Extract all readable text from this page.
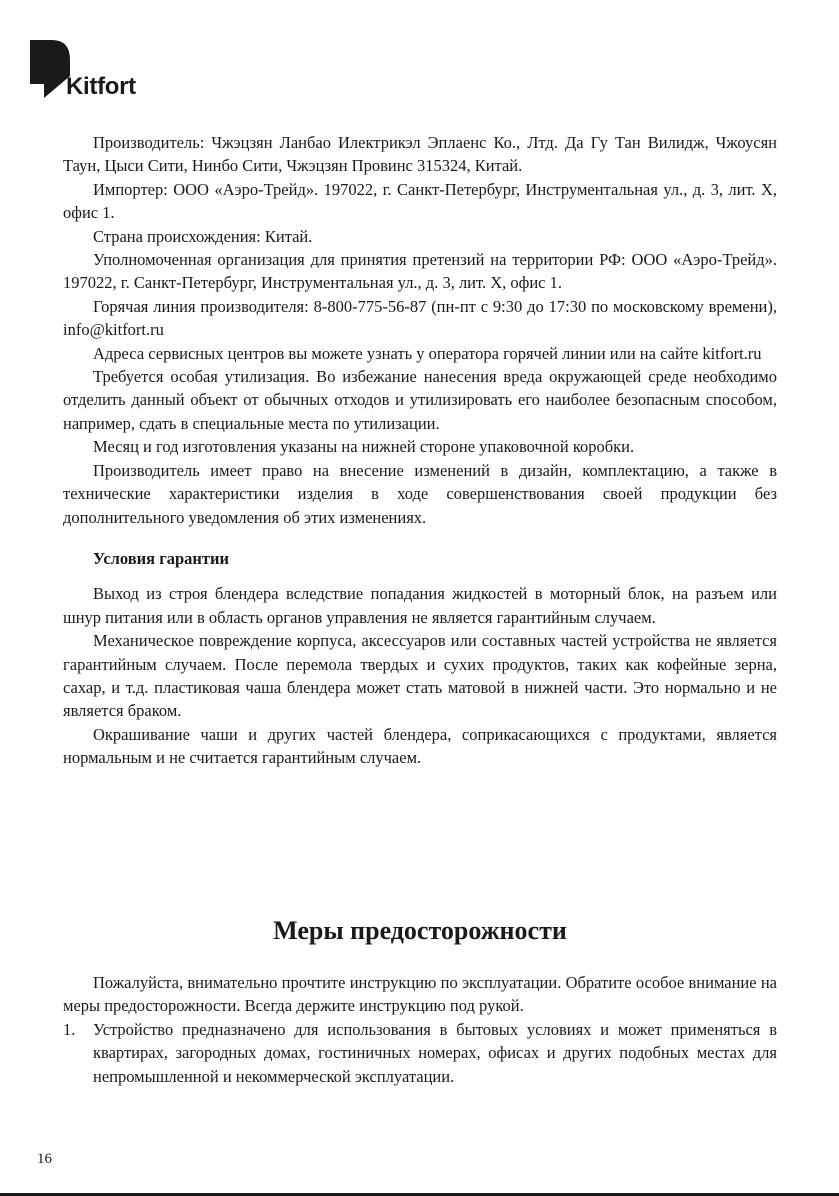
Kitfort

Производитель: Чжэцзян Ланбао Илектрикэл Эплаенс Ко., Лтд. Да Гу Тан Вилидж, Чжоусян Таун, Цыси Сити, Нинбо Сити, Чжэцзян Провинс 315324, Китай.

Импортер: ООО «Аэро-Трейд». 197022, г. Санкт-Петербург, Инструментальная ул., д. 3, лит. Х, офис 1.

Страна происхождения: Китай.

Уполномоченная организация для принятия претензий на территории РФ: ООО «Аэро-Трейд». 197022, г. Санкт-Петербург, Инструментальная ул., д. 3, лит. Х, офис 1.

Горячая линия производителя: 8-800-775-56-87 (пн-пт с 9:30 до 17:30 по московскому времени), info@kitfort.ru

Адреса сервисных центров вы можете узнать у оператора горячей линии или на сайте kitfort.ru

Требуется особая утилизация. Во избежание нанесения вреда окружающей среде необходимо отделить данный объект от обычных отходов и утилизировать его наиболее безопасным способом, например, сдать в специальные места по утилизации.

Месяц и год изготовления указаны на нижней стороне упаковочной коробки.

Производитель имеет право на внесение изменений в дизайн, комплектацию, а также в технические характеристики изделия в ходе совершенствования своей продукции без дополнительного уведомления об этих изменениях.

Условия гарантии

Выход из строя блендера вследствие попадания жидкостей в моторный блок, на разъем или шнур питания или в область органов управления не является гарантийным случаем.

Механическое повреждение корпуса, аксессуаров или составных частей устройства не является гарантийным случаем. После перемола твердых и сухих продуктов, таких как кофейные зерна, сахар, и т.д. пластиковая чаша блендера может стать матовой в нижней части. Это нормально и не является браком.

Окрашивание чаши и других частей блендера, соприкасающихся с продуктами, является нормальным и не считается гарантийным случаем.

Меры предосторожности

Пожалуйста, внимательно прочтите инструкцию по эксплуатации. Обратите особое внимание на меры предосторожности. Всегда держите инструкцию под рукой.

1. Устройство предназначено для использования в бытовых условиях и может применяться в квартирах, загородных домах, гостиничных номерах, офисах и других подобных местах для непромышленной и некоммерческой эксплуатации.
16
